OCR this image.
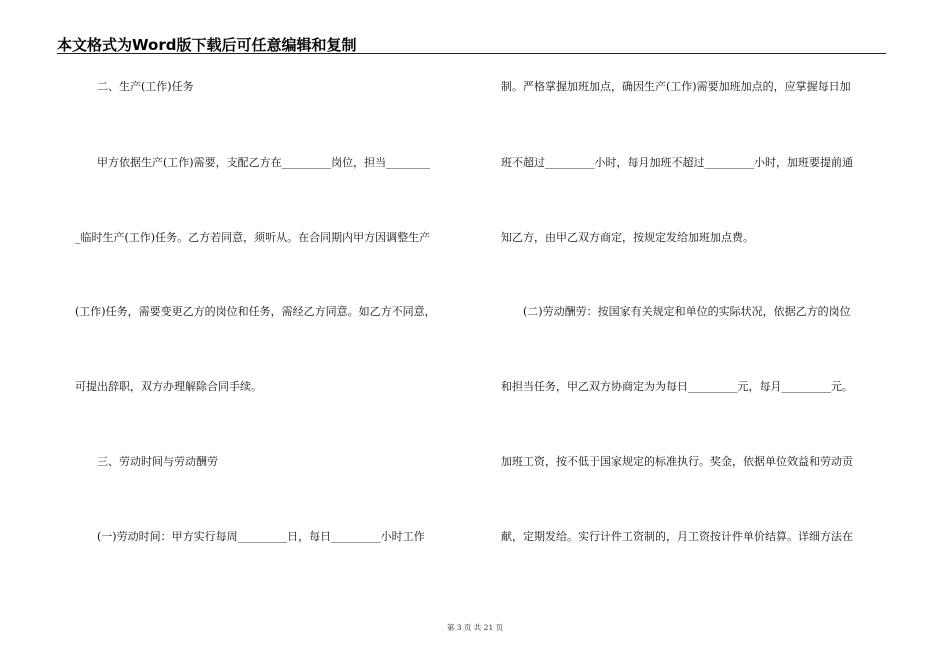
本文格式为Word版下载后可任意编辑和复制
　　二、生产(工作)任务
　　甲方依据生产(工作)需要，支配乙方在_________岗位，担当________
_临时生产(工作)任务。乙方若同意，须听从。在合同期内甲方因调整生产
(工作)任务，需要变更乙方的岗位和任务，需经乙方同意。如乙方不同意，
可提出辞职，双方办理解除合同手续。
　　三、劳动时间与劳动酬劳
　　(一)劳动时间：甲方实行每周_________日，每日_________小时工作
制。严格掌握加班加点，确因生产(工作)需要加班加点的，应掌握每日加
班不超过_________小时，每月加班不超过_________小时，加班要提前通
知乙方，由甲乙双方商定，按规定发给加班加点费。
　　(二)劳动酬劳：按国家有关规定和单位的实际状况，依据乙方的岗位
和担当任务，甲乙双方协商定为为每日_________元，每月_________元。
加班工资，按不低于国家规定的标准执行。奖金，依据单位效益和劳动贡
献，定期发给。实行计件工资制的，月工资按计件单价结算。详细方法在
第 3 页 共 21 页
